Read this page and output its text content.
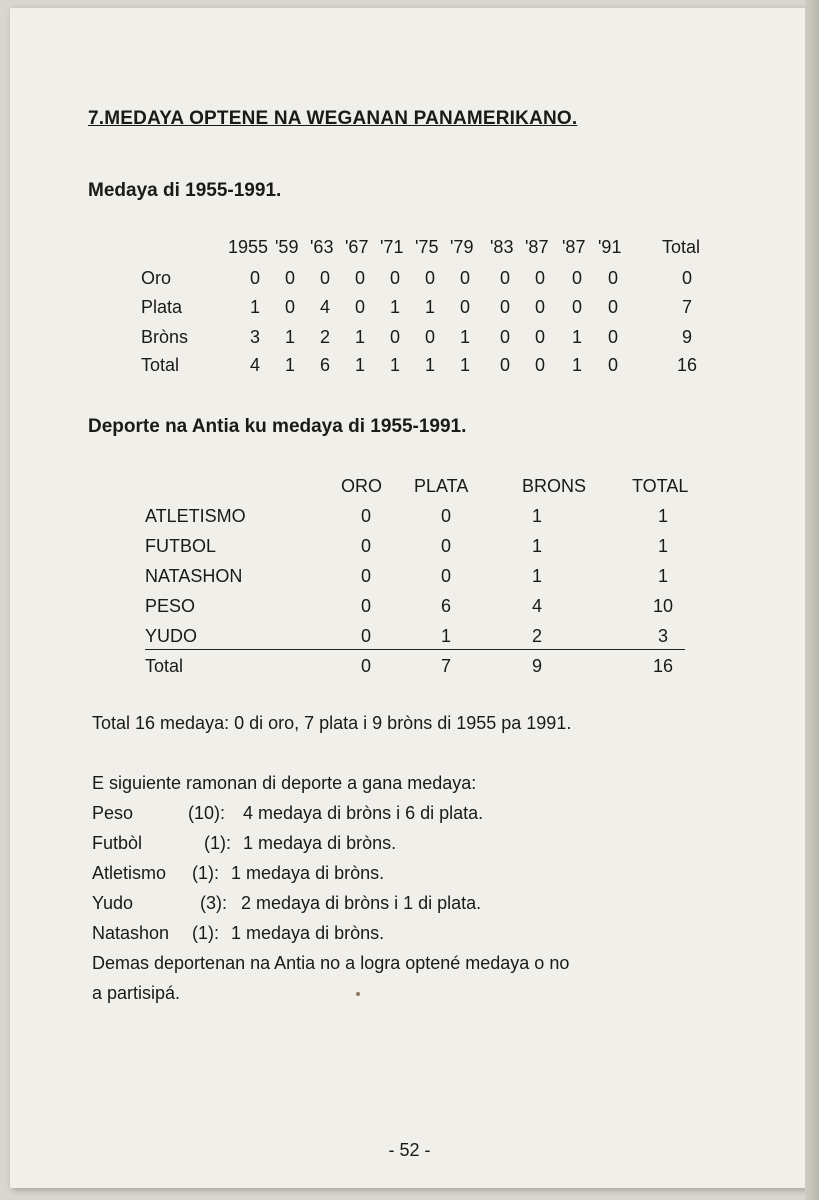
7.MEDAYA OPTENE NA WEGANAN PANAMERIKANO.
Medaya di 1955-1991.
1955 '59 '63 '67 '71 '75 '79 '83 '87 '87 '91 Total
Oro	0	0	0	0	0	0	0	0	0	0	0	0
Plata	1	0	4	0	1	1	0	0	0	0	0	7
Bròns	3	1	2	1	0	0	1	0	0	1	0	9
Total	4	1	6	1	1	1	1	0	0	1	0	16
Deporte na Antia ku medaya di 1955-1991.
ORO PLATA	BRONS	TOTAL
ATLETISMO	0	0	1	1
FUTBOL	0	0	1	1
NATASHON	0	0	1	1
PESO	0	6	4	10
YUDO	0	1	2	3
Total	0	7	9	16
Total 16 medaya: 0 di oro, 7 plata i 9 bròns di 1955 pa 1991.
E siguiente ramonan di deporte a gana medaya:
Peso	(10): 4 medaya di bròns i 6 di plata.
Futbòl	(1): 1 medaya di bròns.
Atletismo (1): 1 medaya di bròns.
Yudo	(3): 2 medaya di bròns i 1 di plata.
Natashon (1): 1 medaya di bròns.
Demas deportenan na Antia no a logra optené medaya o no
a partisipá.
- 52 -
